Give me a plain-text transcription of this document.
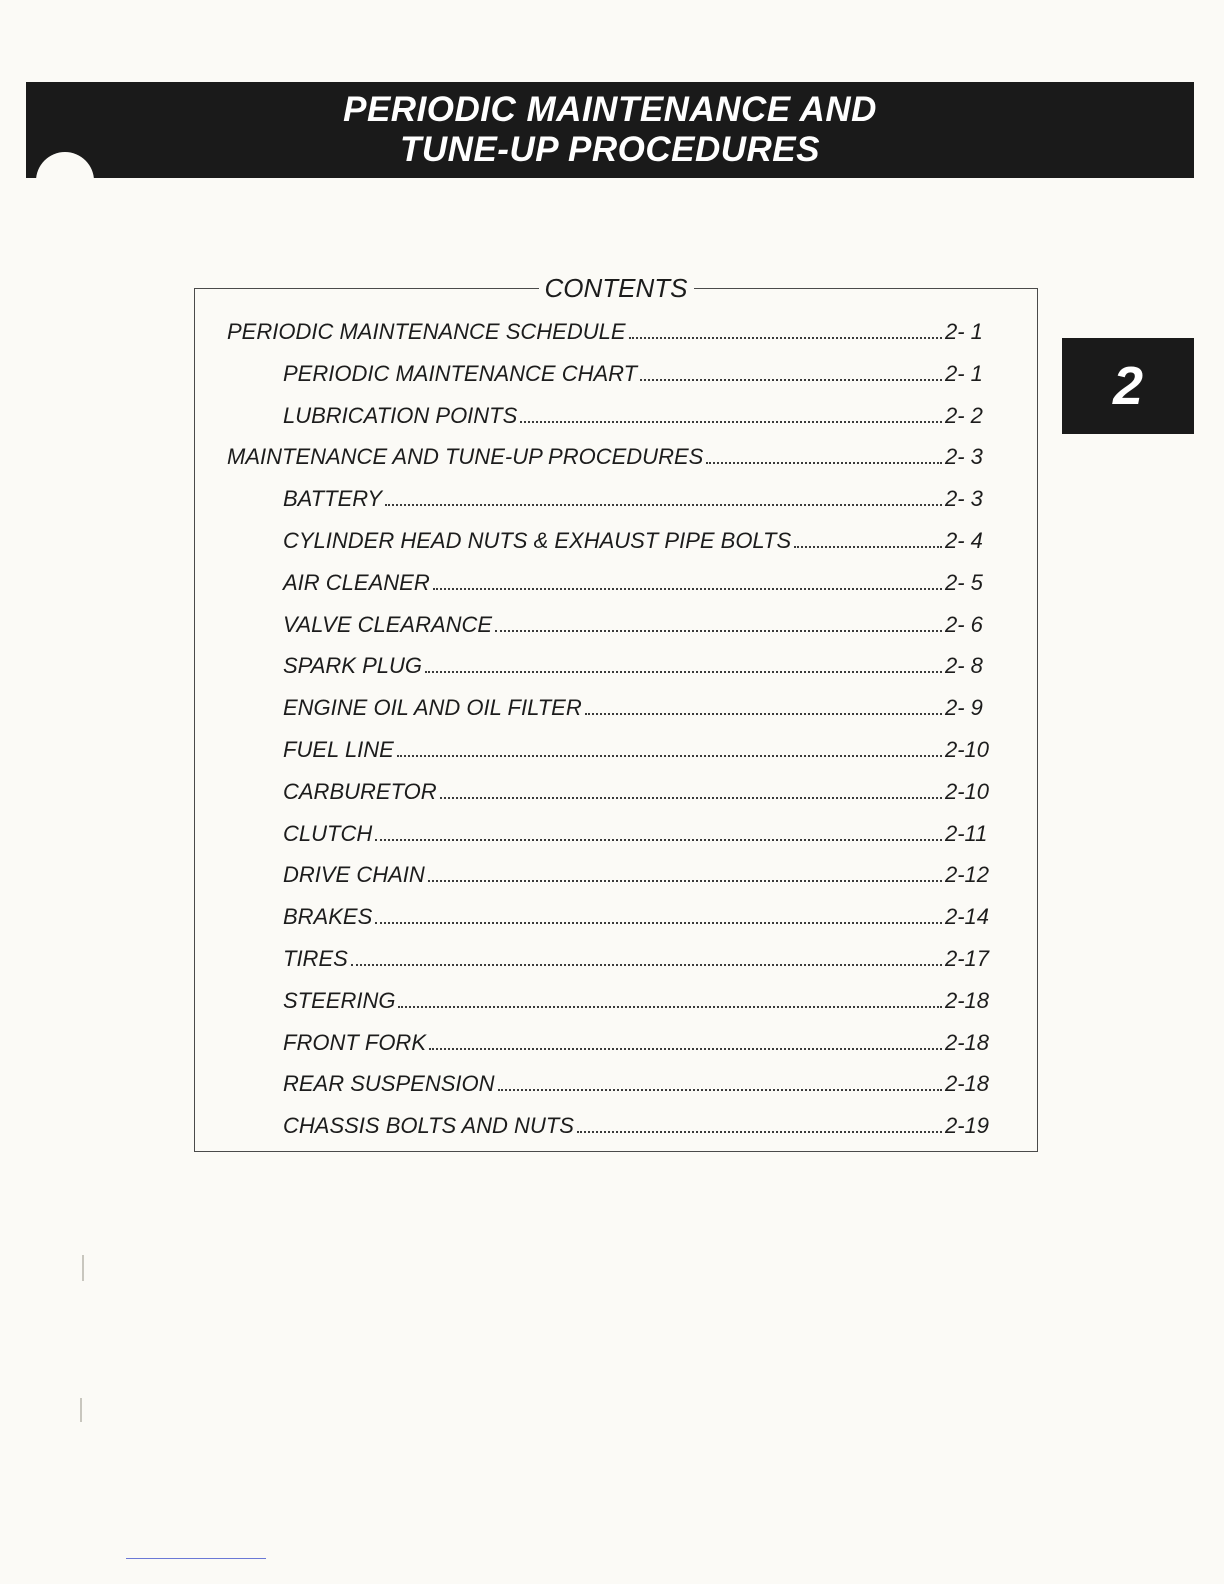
PERIODIC MAINTENANCE AND
TUNE-UP PROCEDURES
2
CONTENTS
PERIODIC MAINTENANCE SCHEDULE	2- 1
PERIODIC MAINTENANCE CHART	2- 1
LUBRICATION POINTS	2- 2
MAINTENANCE AND TUNE-UP PROCEDURES	2- 3
BATTERY	2- 3
CYLINDER HEAD NUTS & EXHAUST PIPE BOLTS	2- 4
AIR CLEANER	2- 5
VALVE CLEARANCE	2- 6
SPARK PLUG	2- 8
ENGINE OIL AND OIL FILTER	2- 9
FUEL LINE	2-10
CARBURETOR	2-10
CLUTCH	2-11
DRIVE CHAIN	2-12
BRAKES	2-14
TIRES	2-17
STEERING	2-18
FRONT FORK	2-18
REAR SUSPENSION	2-18
CHASSIS BOLTS AND NUTS	2-19
